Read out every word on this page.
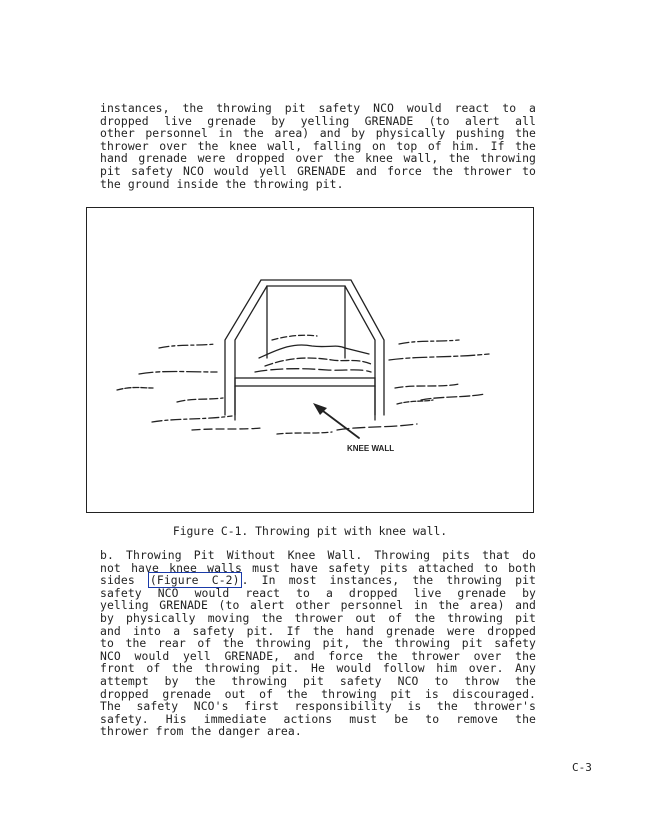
instances, the throwing pit safety NCO would react to a
dropped live grenade by yelling GRENADE (to alert all
other personnel in the area) and by physically pushing the
thrower over the knee wall, falling on top of him. If the
hand grenade were dropped over the knee wall, the throwing
pit safety NCO would yell GRENADE and force the thrower to
the ground inside the throwing pit.
KNEE WALL
Figure C-1. Throwing pit with knee wall.
b. Throwing Pit Without Knee Wall. Throwing pits that do
not have knee walls must have safety pits attached to both
sides (Figure C-2) . In most instances, the throwing pit
safety NCO would react to a dropped live grenade by
yelling GRENADE (to alert other personnel in the area) and
by physically moving the thrower out of the throwing pit
and into a safety pit. If the hand grenade were dropped
to the rear of the throwing pit, the throwing pit safety
NCO would yell GRENADE, and force the thrower over the
front of the throwing pit. He would follow him over. Any
attempt by the throwing pit safety NCO to throw the
dropped grenade out of the throwing pit is discouraged.
The safety NCO's first responsibility is the thrower's
safety. His immediate actions must be to remove the
thrower from the danger area.
C-3
